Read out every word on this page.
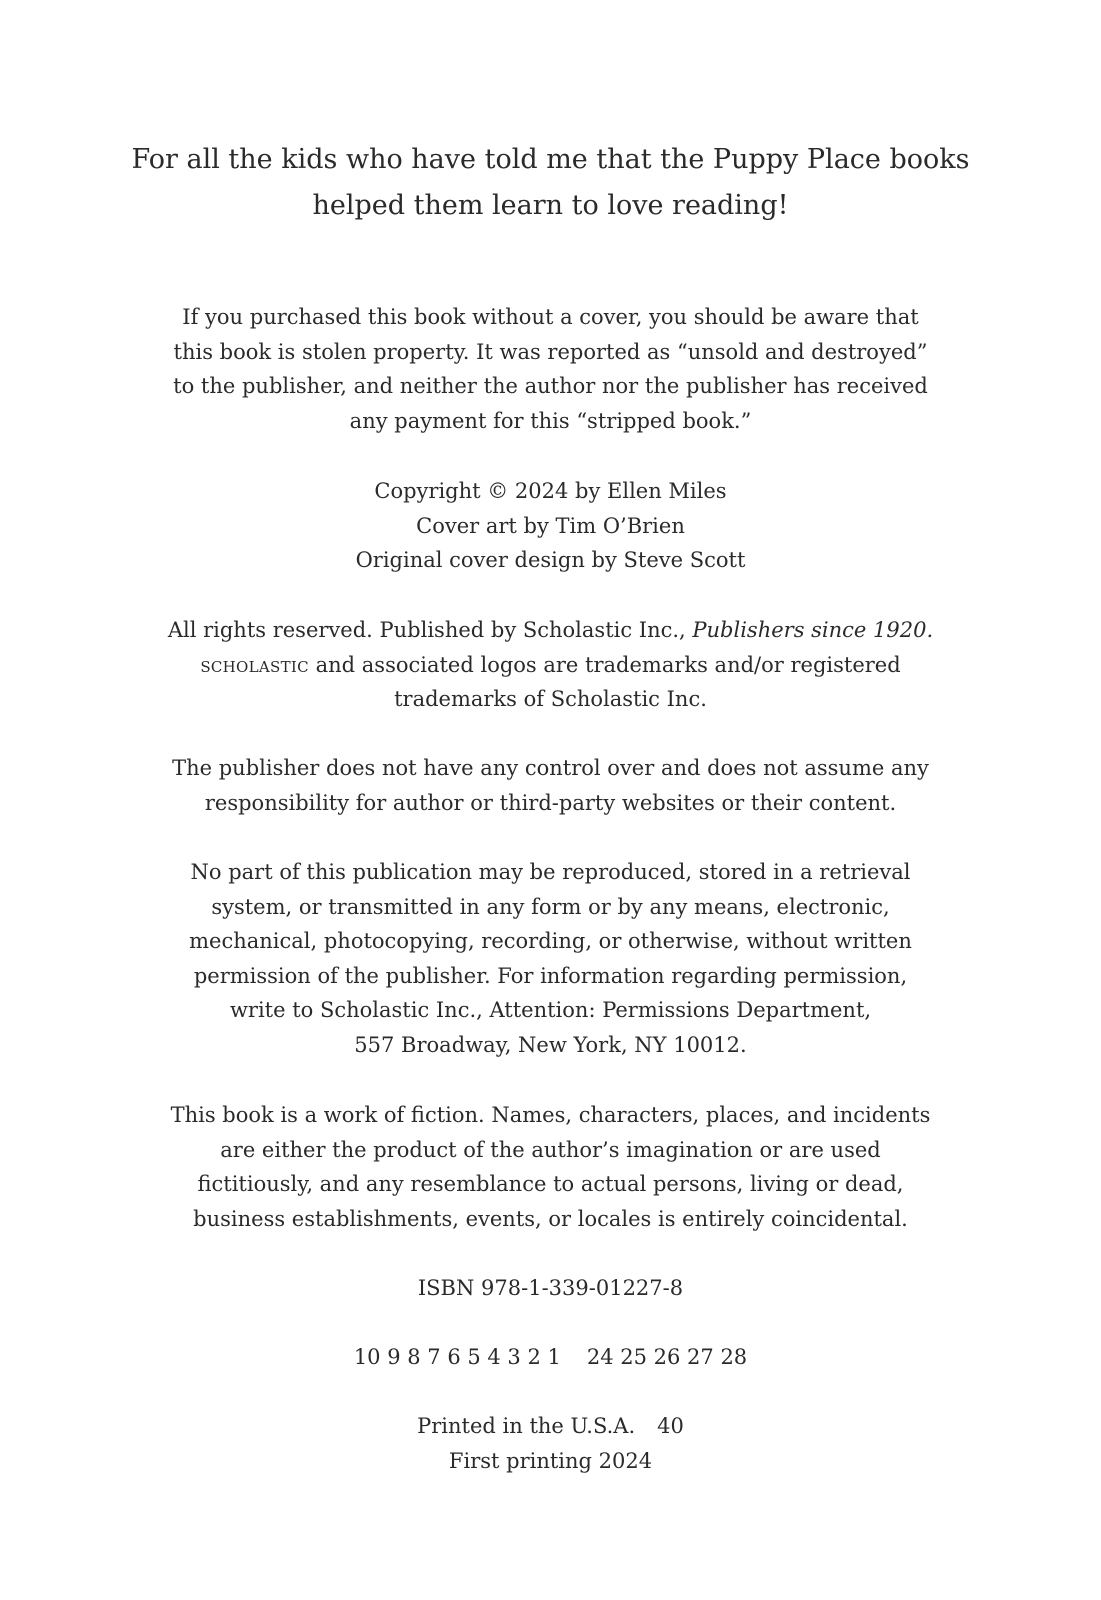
For all the kids who have told me that the Puppy Place books
helped them learn to love reading!
If you purchased this book without a cover, you should be aware that
this book is stolen property. It was reported as “unsold and destroyed”
to the publisher, and neither the author nor the publisher has received
any payment for this “stripped book.”
Copyright © 2024 by Ellen Miles
Cover art by Tim O’Brien
Original cover design by Steve Scott
All rights reserved. Published by Scholastic Inc., Publishers since 1920.
scholastic and associated logos are trademarks and/or registered
trademarks of Scholastic Inc.
The publisher does not have any control over and does not assume any
responsibility for author or third-party websites or their content.
No part of this publication may be reproduced, stored in a retrieval
system, or transmitted in any form or by any means, electronic,
mechanical, photocopying, recording, or otherwise, without written
permission of the publisher. For information regarding permission,
write to Scholastic Inc., Attention: Permissions Department,
557 Broadway, New York, NY 10012.
This book is a work of fiction. Names, characters, places, and incidents
are either the product of the author’s imagination or are used
fictitiously, and any resemblance to actual persons, living or dead,
business establishments, events, or locales is entirely coincidental.
ISBN 978-1-339-01227-8
10 9 8 7 6 5 4 3 2 1 24 25 26 27 28
Printed in the U.S.A. 40
First printing 2024
